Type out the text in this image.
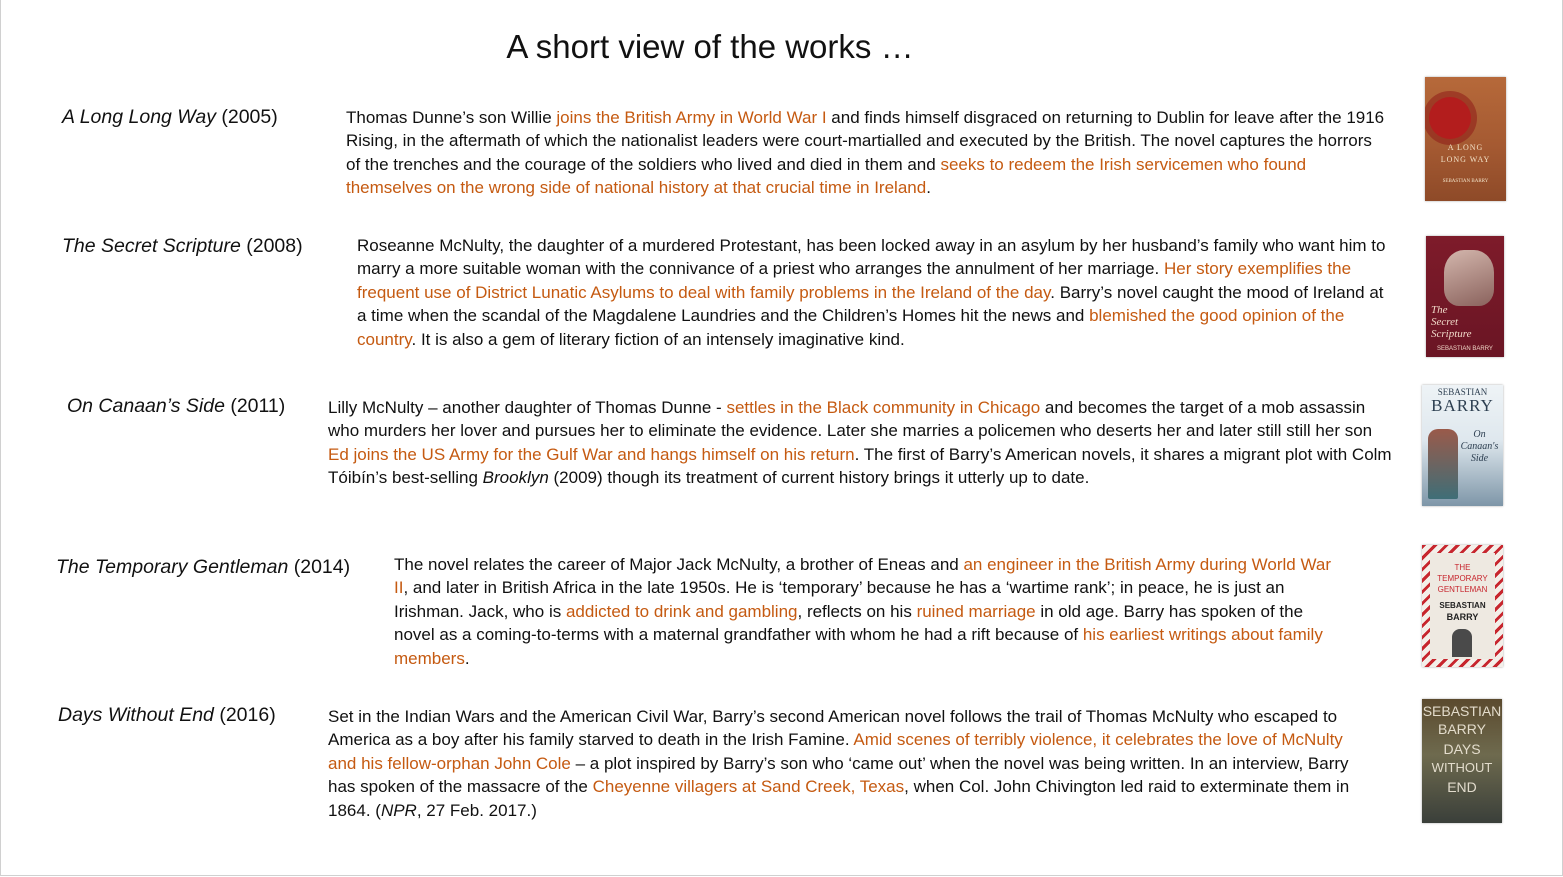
A short view of the works …
A Long Long Way (2005)	Thomas Dunne’s son Willie joins the British Army in World War I and finds himself disgraced on returning to Dublin for leave after the 1916 Rising, in the aftermath of which the nationalist leaders were court-martialled and executed by the British. The novel captures the horrors of the trenches and the courage of the soldiers who lived and died in them and seeks to redeem the Irish servicemen who found themselves on the wrong side of national history at that crucial time in Ireland.
A LONG
LONG WAY
SEBASTIAN BARRY
The Secret Scripture (2008)	Roseanne McNulty, the daughter of a murdered Protestant, has been locked away in an asylum by her husband’s family who want him to marry a more suitable woman with the connivance of a priest who arranges the annulment of her marriage. Her story exemplifies the frequent use of District Lunatic Asylums to deal with family problems in the Ireland of the day. Barry’s novel caught the mood of Ireland at a time when the scandal of the Magdalene Laundries and the Children’s Homes hit the news and blemished the good opinion of the country. It is also a gem of literary fiction of an intensely imaginative kind.
The
Secret
Scripture
SEBASTIAN BARRY
On Canaan’s Side (2011)	Lilly McNulty – another daughter of Thomas Dunne - settles in the Black community in Chicago and becomes the target of a mob assassin who murders her lover and pursues her to eliminate the evidence. Later she marries a policemen who deserts her and later still still her son Ed joins the US Army for the Gulf War and hangs himself on his return. The first of Barry’s American novels, it shares a migrant plot with Colm Tóibín’s best-selling Brooklyn (2009) though its treatment of current history brings it utterly up to date.
SEBASTIAN
BARRY
On
Canaan's
Side
The Temporary Gentleman (2014)	The novel relates the career of Major Jack McNulty, a brother of Eneas and an engineer in the British Army during World War II, and later in British Africa in the late 1950s. He is ‘temporary’ because he has a ‘wartime rank’; in peace, he is just an Irishman. Jack, who is addicted to drink and gambling, reflects on his ruined marriage in old age. Barry has spoken of the novel as a coming-to-terms with a maternal grandfather with whom he had a rift because of his earliest writings about family members.
THE
TEMPORARY
GENTLEMAN
SEBASTIAN
BARRY
Days Without End (2016)	Set in the Indian Wars and the American Civil War, Barry’s second American novel follows the trail of Thomas McNulty who escaped to America as a boy after his family starved to death in the Irish Famine. Amid scenes of terribly violence, it celebrates the love of McNulty and his fellow-orphan John Cole – a plot inspired by Barry’s son who ‘came out’ when the novel was being written. In an interview, Barry has spoken of the massacre of the Cheyenne villagers at Sand Creek, Texas, when Col. John Chivington led raid to exterminate them in 1864. (NPR, 27 Feb. 2017.)
SEBASTIAN
BARRY
DAYS
WITHOUT
END
